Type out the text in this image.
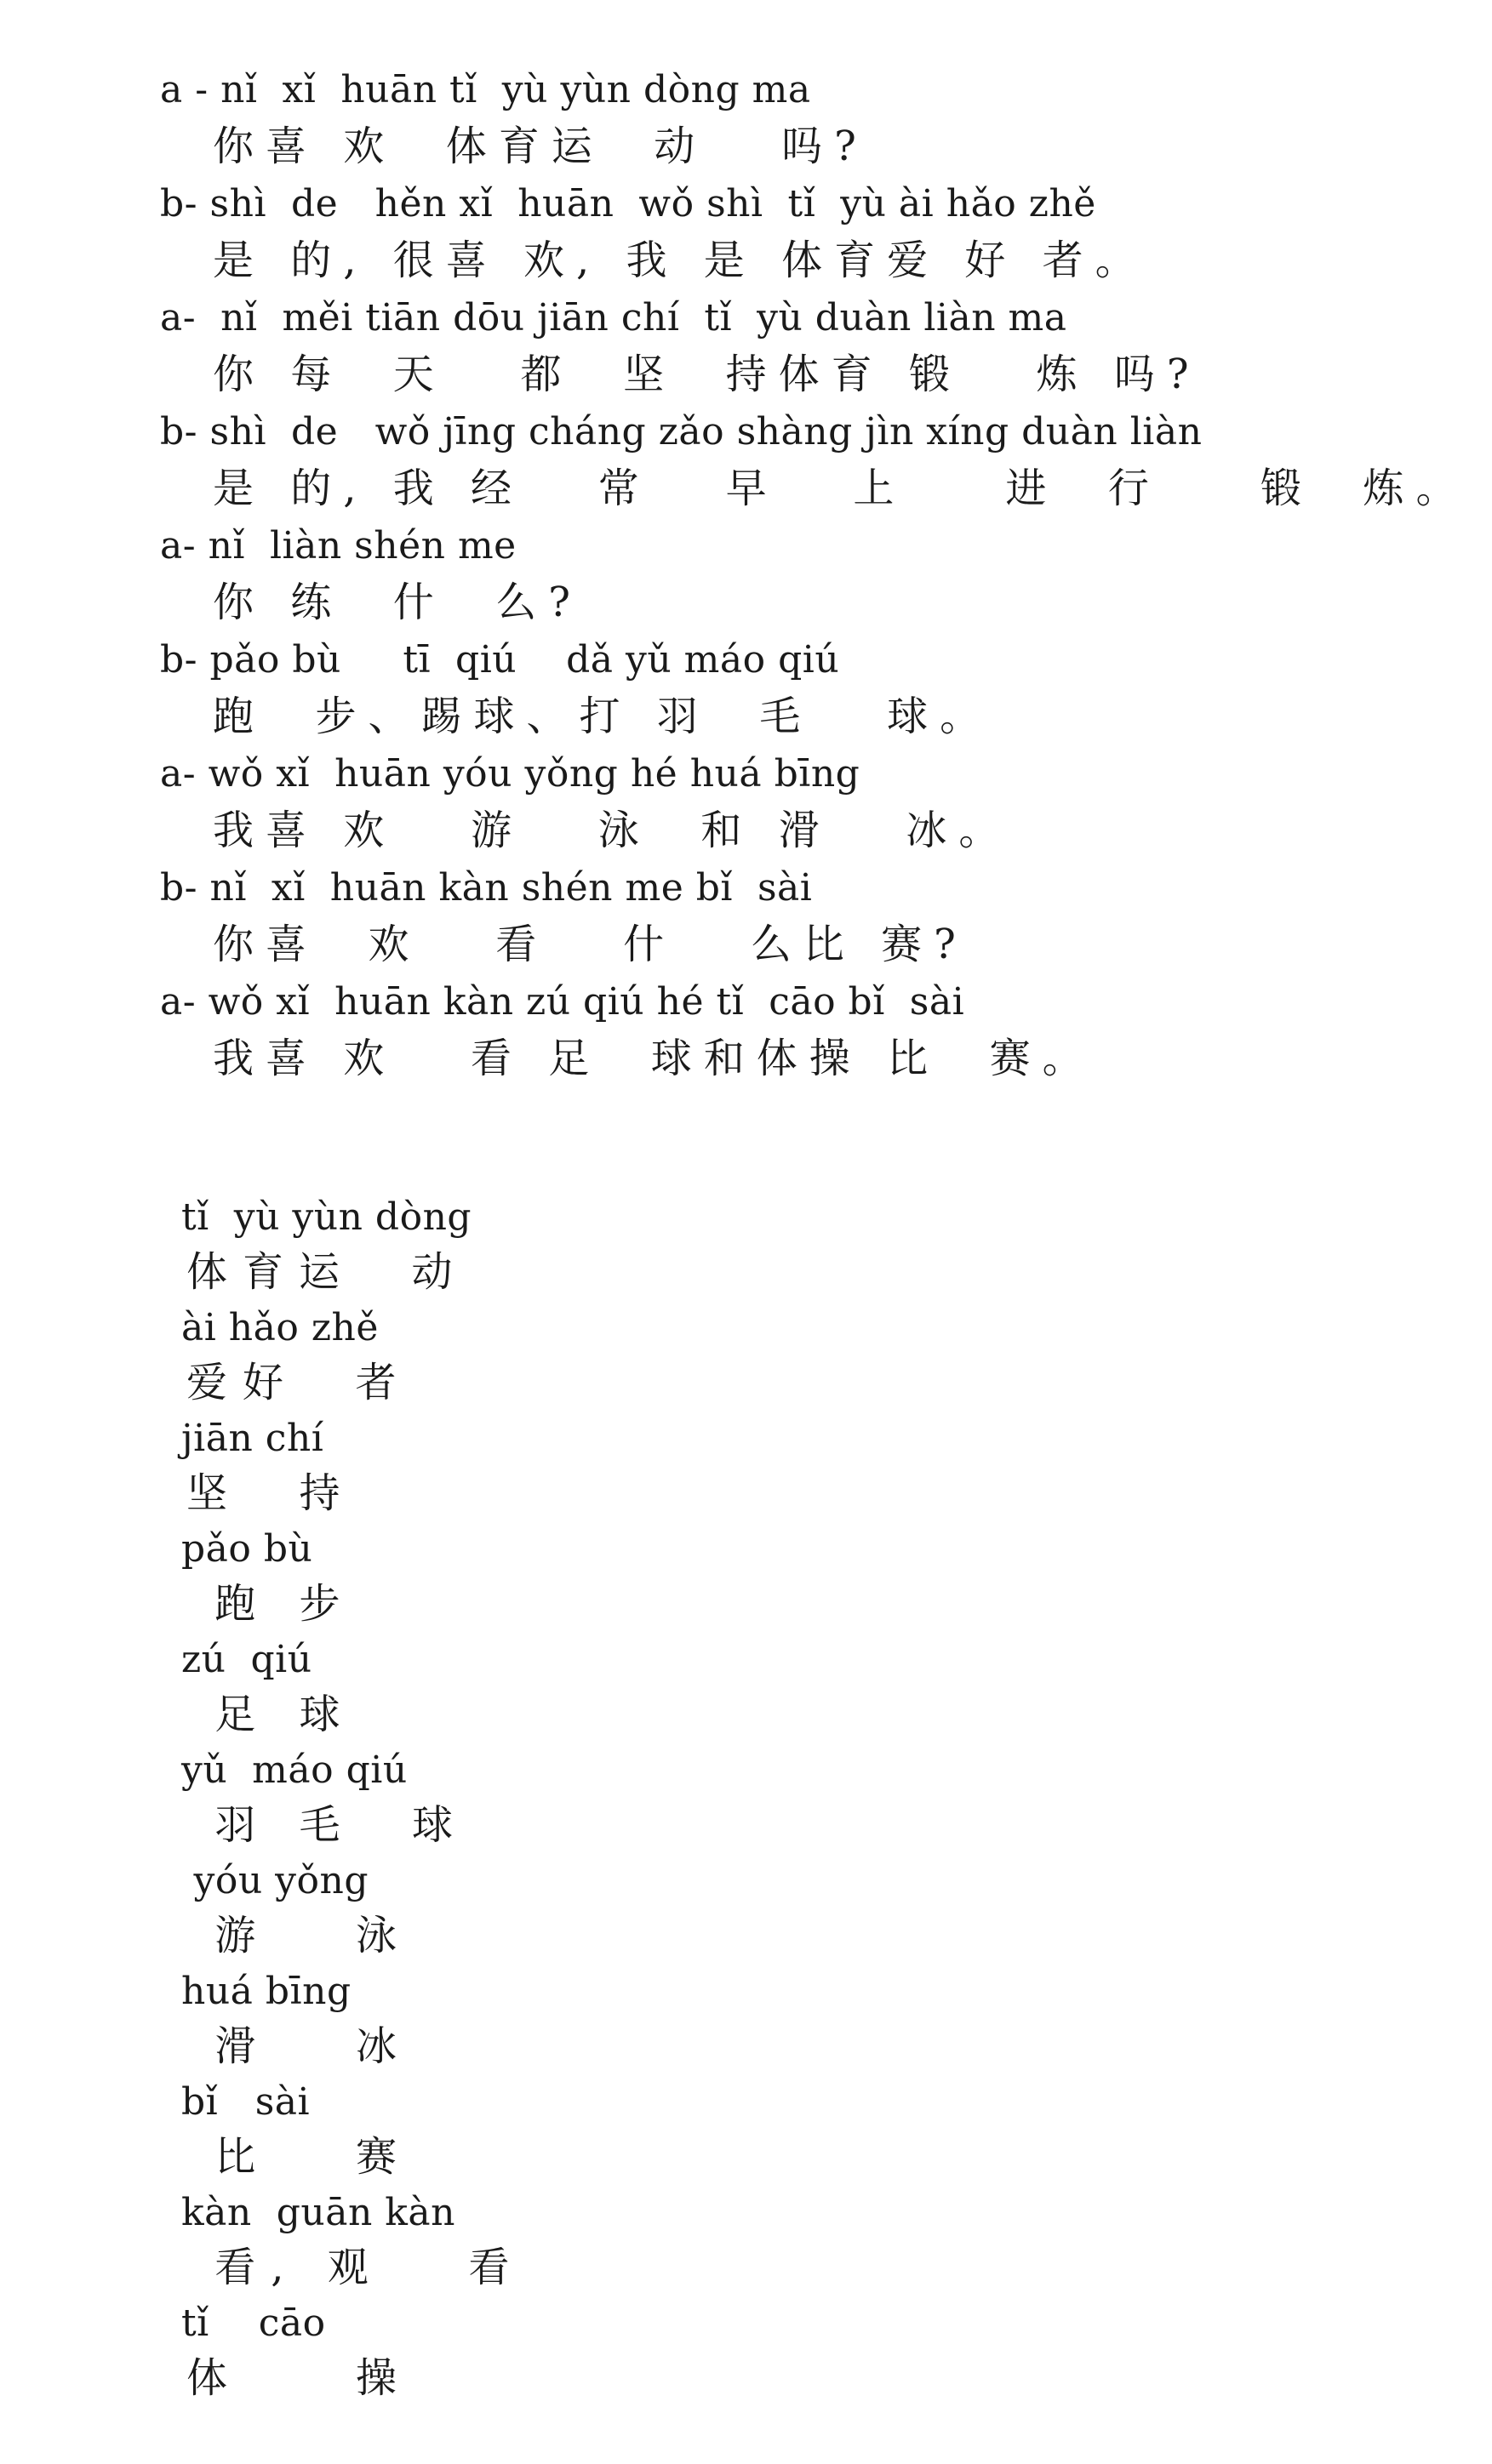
a - nǐ  xǐ  huān tǐ  yù yùn dòng ma

你喜 欢  体育运  动   吗?

b- shì  de   hěn xǐ  huān  wǒ shì  tǐ  yù ài hǎo zhě

是 的, 很喜 欢, 我 是 体育爱 好 者。

a-  nǐ  měi tiān dōu jiān chí  tǐ  yù duàn liàn ma

你 每  天   都  坚  持体育 锻   炼 吗?

b- shì  de   wǒ jīng cháng zǎo shàng jìn xíng duàn liàn

是 的, 我 经   常   早   上    进  行    锻  炼。

a- nǐ  liàn shén me

你 练  什  么?

b- pǎo bù     tī  qiú    dǎ yǔ máo qiú

跑  步、踢球、打 羽  毛   球。

a- wǒ xǐ  huān yóu yǒng hé huá bīng

我喜 欢   游   泳  和 滑   冰。

b- nǐ  xǐ  huān kàn shén me bǐ  sài

你喜  欢   看   什   么比 赛?

a- wǒ xǐ  huān kàn zú qiú hé tǐ  cāo bǐ  sài

我喜 欢   看 足  球和体操 比  赛。

tǐ  yù yùn dòng

体育运  动

ài hǎo zhě

爱好  者

jiān chí

坚  持

pǎo bù

跑 步

zú  qiú

足 球

yǔ  máo qiú

羽 毛  球

yóu yǒng

游   泳

huá bīng

滑   冰

bǐ   sài

比   赛

kàn  guān kàn

看, 观   看

tǐ    cāo

体    操
